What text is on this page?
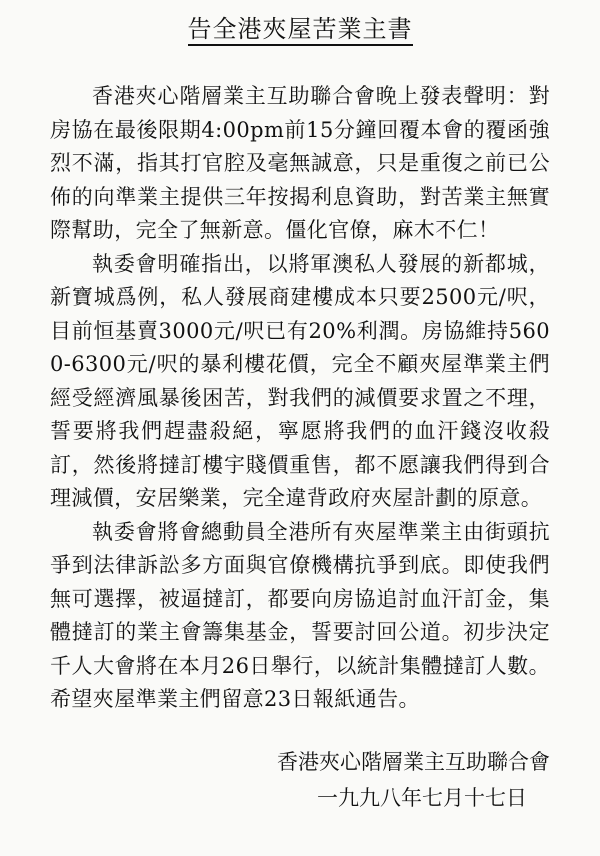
告全港夾屋苦業主書

香港夾心階層業主互助聯合會晚上發表聲明：對房協在最後限期4:00pm前15分鐘回覆本會的覆函強烈不滿，指其打官腔及毫無誠意，只是重復之前已公佈的向準業主提供三年按揭利息資助，對苦業主無實際幫助，完全了無新意。僵化官僚，麻木不仁！

執委會明確指出，以將軍澳私人發展的新都城，新寶城爲例，私人發展商建樓成本只要2500元/呎，目前恒基賣3000元/呎已有20%利潤。房協維持5600-6300元/呎的暴利樓花價，完全不顧夾屋準業主們經受經濟風暴後困苦，對我們的減價要求置之不理，誓要將我們趕盡殺絕，寧愿將我們的血汗錢沒收殺訂，然後將撻訂樓宇賤價重售，都不愿讓我們得到合理減價，安居樂業，完全違背政府夾屋計劃的原意。

執委會將會總動員全港所有夾屋準業主由街頭抗爭到法律訴訟多方面與官僚機構抗爭到底。即使我們無可選擇，被逼撻訂，都要向房協追討血汗訂金，集體撻訂的業主會籌集基金，誓要討回公道。初步決定千人大會將在本月26日舉行，以統計集體撻訂人數。希望夾屋準業主們留意23日報紙通告。

香港夾心階層業主互助聯合會
一九九八年七月十七日
